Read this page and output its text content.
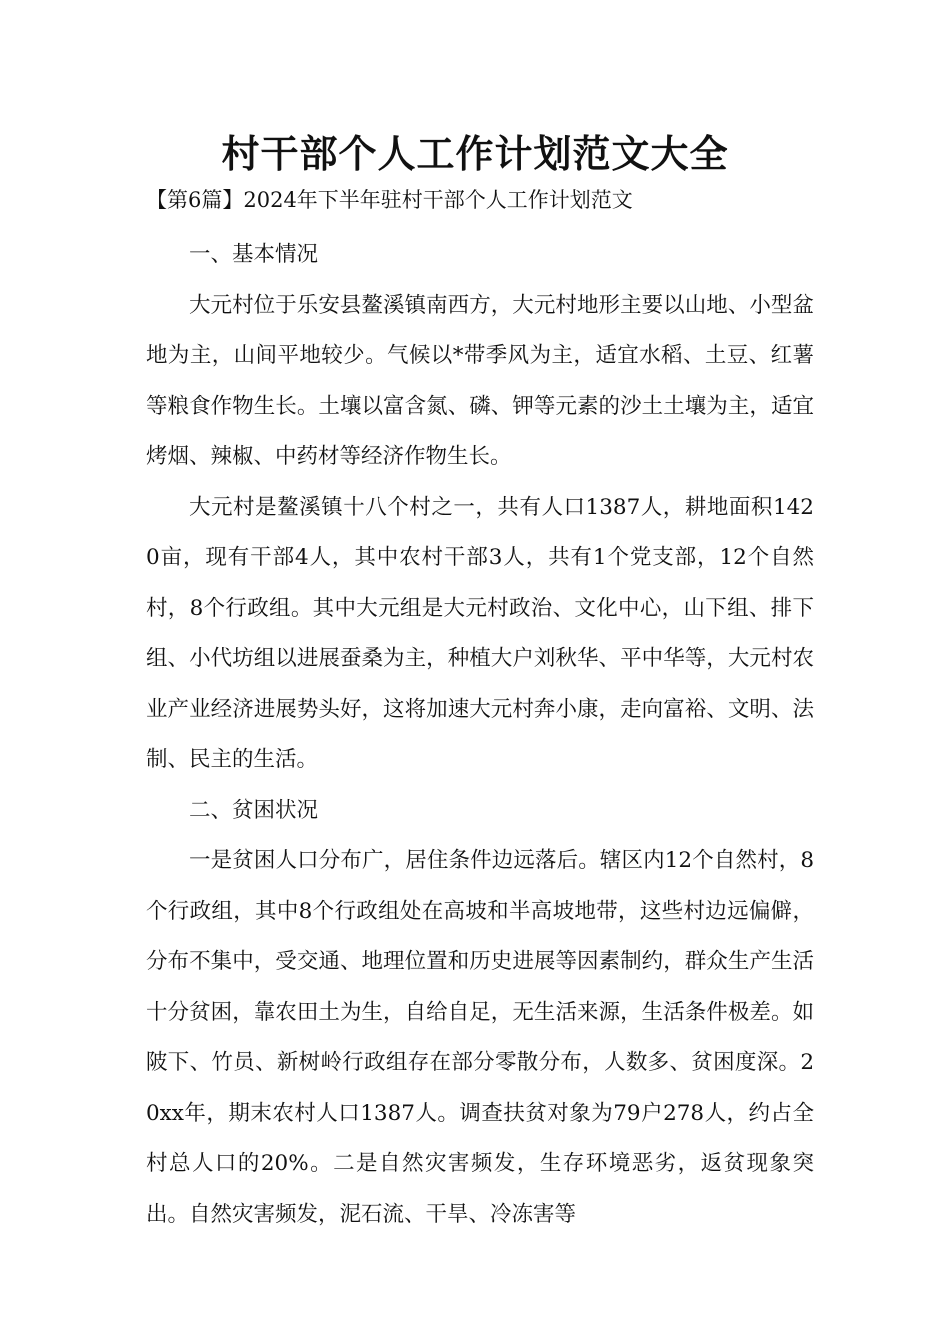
村干部个人工作计划范文大全

【第6篇】2024年下半年驻村干部个人工作计划范文

一、基本情况

大元村位于乐安县鳌溪镇南西方，大元村地形主要以山地、小型盆地为主，山间平地较少。气候以*带季风为主，适宜水稻、土豆、红薯等粮食作物生长。土壤以富含氮、磷、钾等元素的沙土土壤为主，适宜烤烟、辣椒、中药材等经济作物生长。

大元村是鳌溪镇十八个村之一，共有人口1387人，耕地面积1420亩，现有干部4人，其中农村干部3人，共有1个党支部，12个自然村，8个行政组。其中大元组是大元村政治、文化中心，山下组、排下组、小代坊组以进展蚕桑为主，种植大户刘秋华、平中华等，大元村农业产业经济进展势头好，这将加速大元村奔小康，走向富裕、文明、法制、民主的生活。

二、贫困状况

一是贫困人口分布广，居住条件边远落后。辖区内12个自然村，8个行政组，其中8个行政组处在高坡和半高坡地带，这些村边远偏僻，分布不集中，受交通、地理位置和历史进展等因素制约，群众生产生活十分贫困，靠农田土为生，自给自足，无生活来源，生活条件极差。如陂下、竹员、新树岭行政组存在部分零散分布，人数多、贫困度深。20xx年，期末农村人口1387人。调查扶贫对象为79户278人，约占全村总人口的20%。二是自然灾害频发，生存环境恶劣，返贫现象突出。自然灾害频发，泥石流、干旱、冷冻害等
